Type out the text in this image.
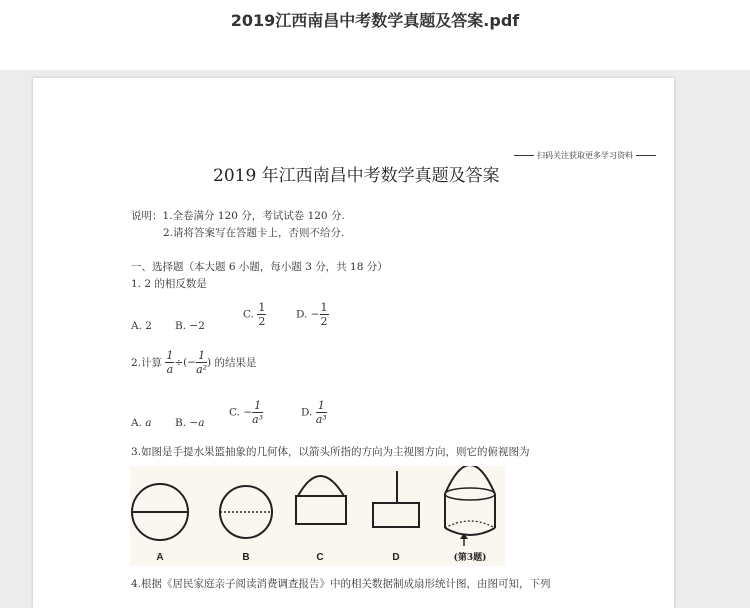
2019江西南昌中考数学真题及答案.pdf
扫码关注获取更多学习资料
2019 年江西南昌中考数学真题及答案
说明：1.全卷满分 120 分，考试试卷 120 分.
2.请将答案写在答题卡上，否则不给分.
一、选择题（本大题 6 小题，每小题 3 分，共 18 分）
1. 2 的相反数是
A. 2 B. −2
C. $\frac{1}{2}$	D. − $\frac{1}{2}$
2.计算 $\frac{1}{a}$ ÷(− $\frac{1}{\text{a²}}$ ) 的结果是
A. a B. −a
C. − $\frac{1}{\text{a³}}$	D. $\frac{1}{\text{a³}}$
3.如图是手提水果篮抽象的几何体，以箭头所指的方向为主视图方向，则它的俯视图为
A	B	C	D	(第3题)
4.根据《居民家庭亲子阅读消费调查报告》中的相关数据制成扇形统计图，由图可知，下列
